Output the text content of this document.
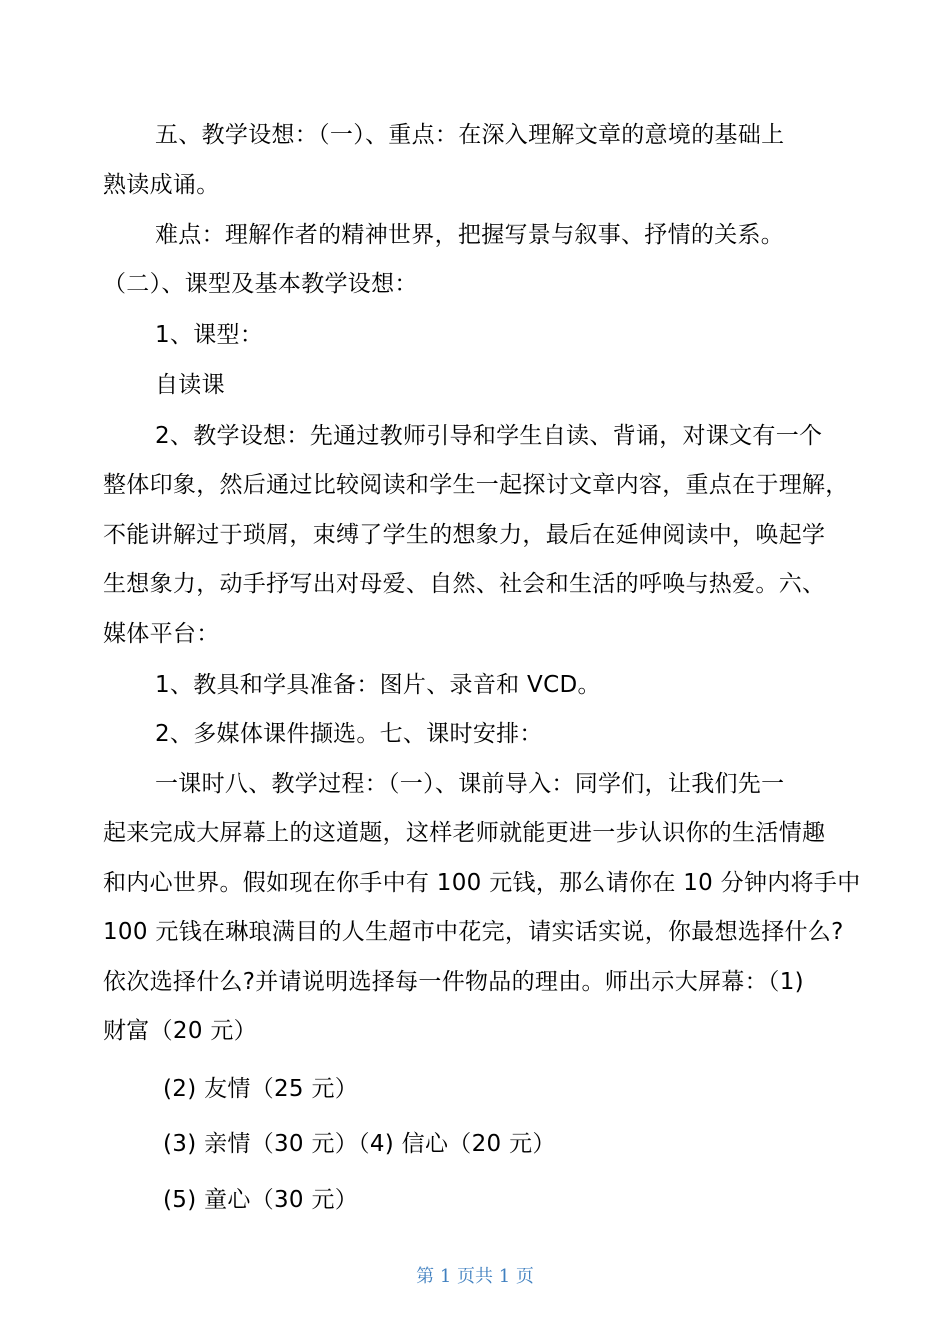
五、教学设想：（一）、重点：在深入理解文章的意境的基础上
熟读成诵。
难点：理解作者的精神世界，把握写景与叙事、抒情的关系。
（二）、课型及基本教学设想：
1、课型：
自读课
2、教学设想：先通过教师引导和学生自读、背诵，对课文有一个
整体印象，然后通过比较阅读和学生一起探讨文章内容，重点在于理解，
不能讲解过于琐屑，束缚了学生的想象力，最后在延伸阅读中，唤起学
生想象力，动手抒写出对母爱、自然、社会和生活的呼唤与热爱。六、
媒体平台：
1、教具和学具准备：图片、录音和 VCD。
2、多媒体课件撷选。七、课时安排：
一课时八、教学过程：（一）、课前导入：同学们，让我们先一
起来完成大屏幕上的这道题，这样老师就能更进一步认识你的生活情趣
和内心世界。假如现在你手中有 100 元钱，那么请你在 10 分钟内将手中
100 元钱在琳琅满目的人生超市中花完，请实话实说，你最想选择什么?
依次选择什么?并请说明选择每一件物品的理由。师出示大屏幕：（1)
财富（20 元）
(2) 友情（25 元）
(3) 亲情（30 元）（4) 信心（20 元）
(5) 童心（30 元）
第 1 页共 1 页
